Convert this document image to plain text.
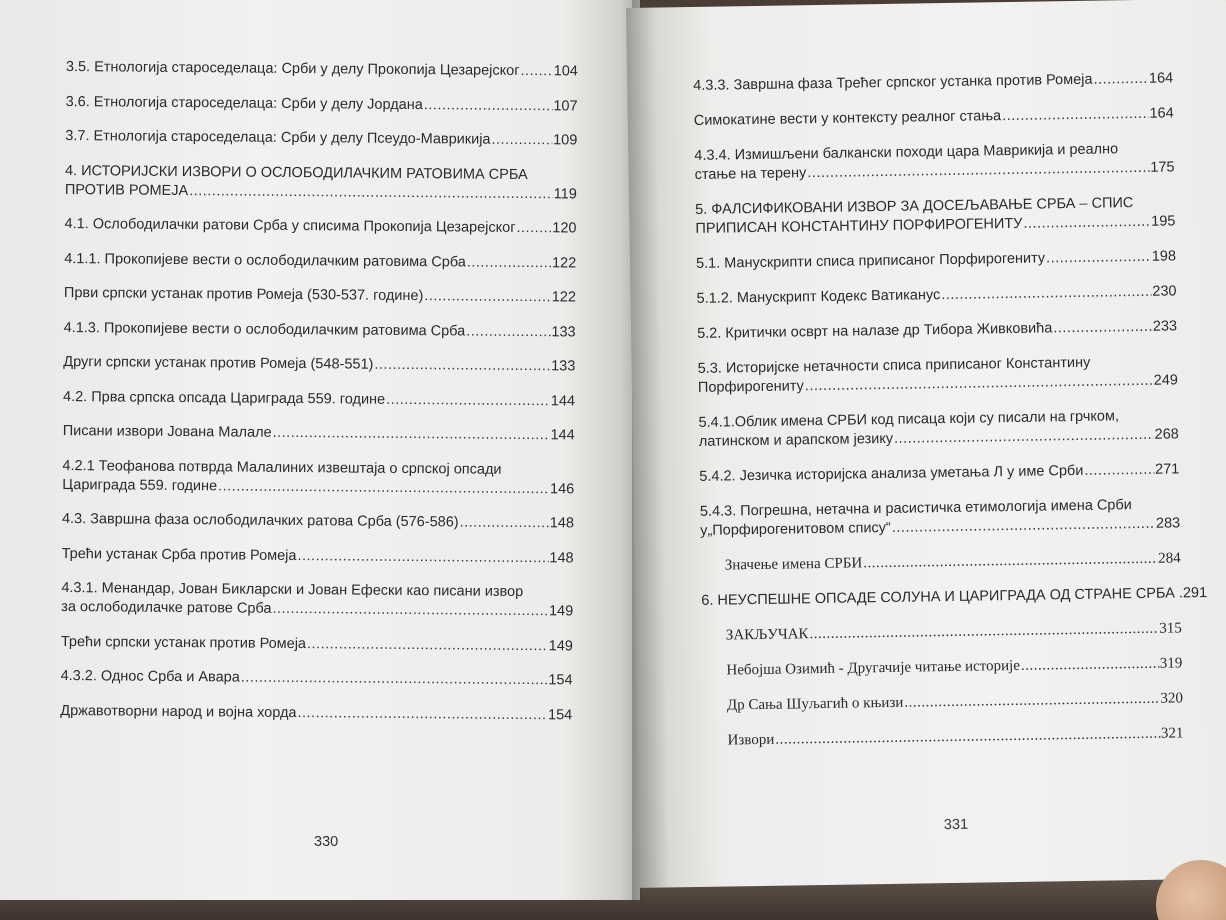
3.5. Етнологија староседелаца: Срби у делу Прокопија Цезарејског ..... 104
3.6. Етнологија староседелаца: Срби у делу Јордана .....	107
3.7. Етнологија староседелаца: Срби у делу Псеудо-Маврикија .....	109
4. ИСТОРИЈСКИ ИЗВОРИ О ОСЛОБОДИЛАЧКИМ РАТОВИМА СРБА
ПРОТИВ РОМЕЈА .....	119
4.1. Ослободилачки ратови Срба у списима Прокопија Цезарејског .....	120
4.1.1. Прокопијеве вести о ослободилачким ратовима Срба .....	122
Први српски устанак против Ромеја (530-537. године) .....	122
4.1.3. Прокопијеве вести о ослободилачким ратовима Срба .....	133
Други српски устанак против Ромеја (548-551) .....	133
4.2. Прва српска опсада Цариграда 559. године .....	144
Писани извори Јована Малале .....	144
4.2.1 Теофанова потврда Малалиних извештаја о српској опсади
Цариграда 559. године .....	146
4.3. Завршна фаза ослободилачких ратова Срба (576-586) .....	148
Трећи устанак Срба против Ромеја .....	148
4.3.1. Менандар, Јован Бикларски и Јован Ефески као писани извор
за ослободилачке ратове Срба .....	149
Трећи српски устанак против Ромеја .....	149
4.3.2. Однос Срба и Авара .....	154
Државотворни народ и војна хорда .....	154
330
4.3.3. Завршна фаза Трећег српског устанка против Ромеја .....	164
Симокатине вести у контексту реалног стања .....	164
4.3.4. Измишљени балкански походи цара Маврикија и реално
стање на терену .....	175
5. ФАЛСИФИКОВАНИ ИЗВОР ЗА ДОСЕЉАВАЊЕ СРБА – СПИС
ПРИПИСАН КОНСТАНТИНУ ПОРФИРОГЕНИТУ .....	195
5.1. Манускрипти списа приписаног Порфирогениту .....	198
5.1.2. Манускрипт Кодекс Ватиканус .....	230
5.2. Критички осврт на налазе др Тибора Живковића .....	233
5.3. Историјске нетачности списа приписаног Константину
Порфирогениту .....	249
5.4.1.Облик имена СРБИ код писаца који су писали на грчком,
латинском и арапском језику .....	268
5.4.2. Језичка историјска анализа уметања Л у име Срби .....	271
5.4.3. Погрешна, нетачна и расистичка етимологија имена Срби
у„Порфирогенитовом спису“ .....	283
Значење имена СРБИ .....	284
6. НЕУСПЕШНЕ ОПСАДЕ СОЛУНА И ЦАРИГРАДА ОД СТРАНЕ СРБА . 291
ЗАКЉУЧАК .....	315
Небојша Озимић - Другачије читање историје .....	319
Др Сања Шуљагић о књизи .....	320
Извори .....	321
331
